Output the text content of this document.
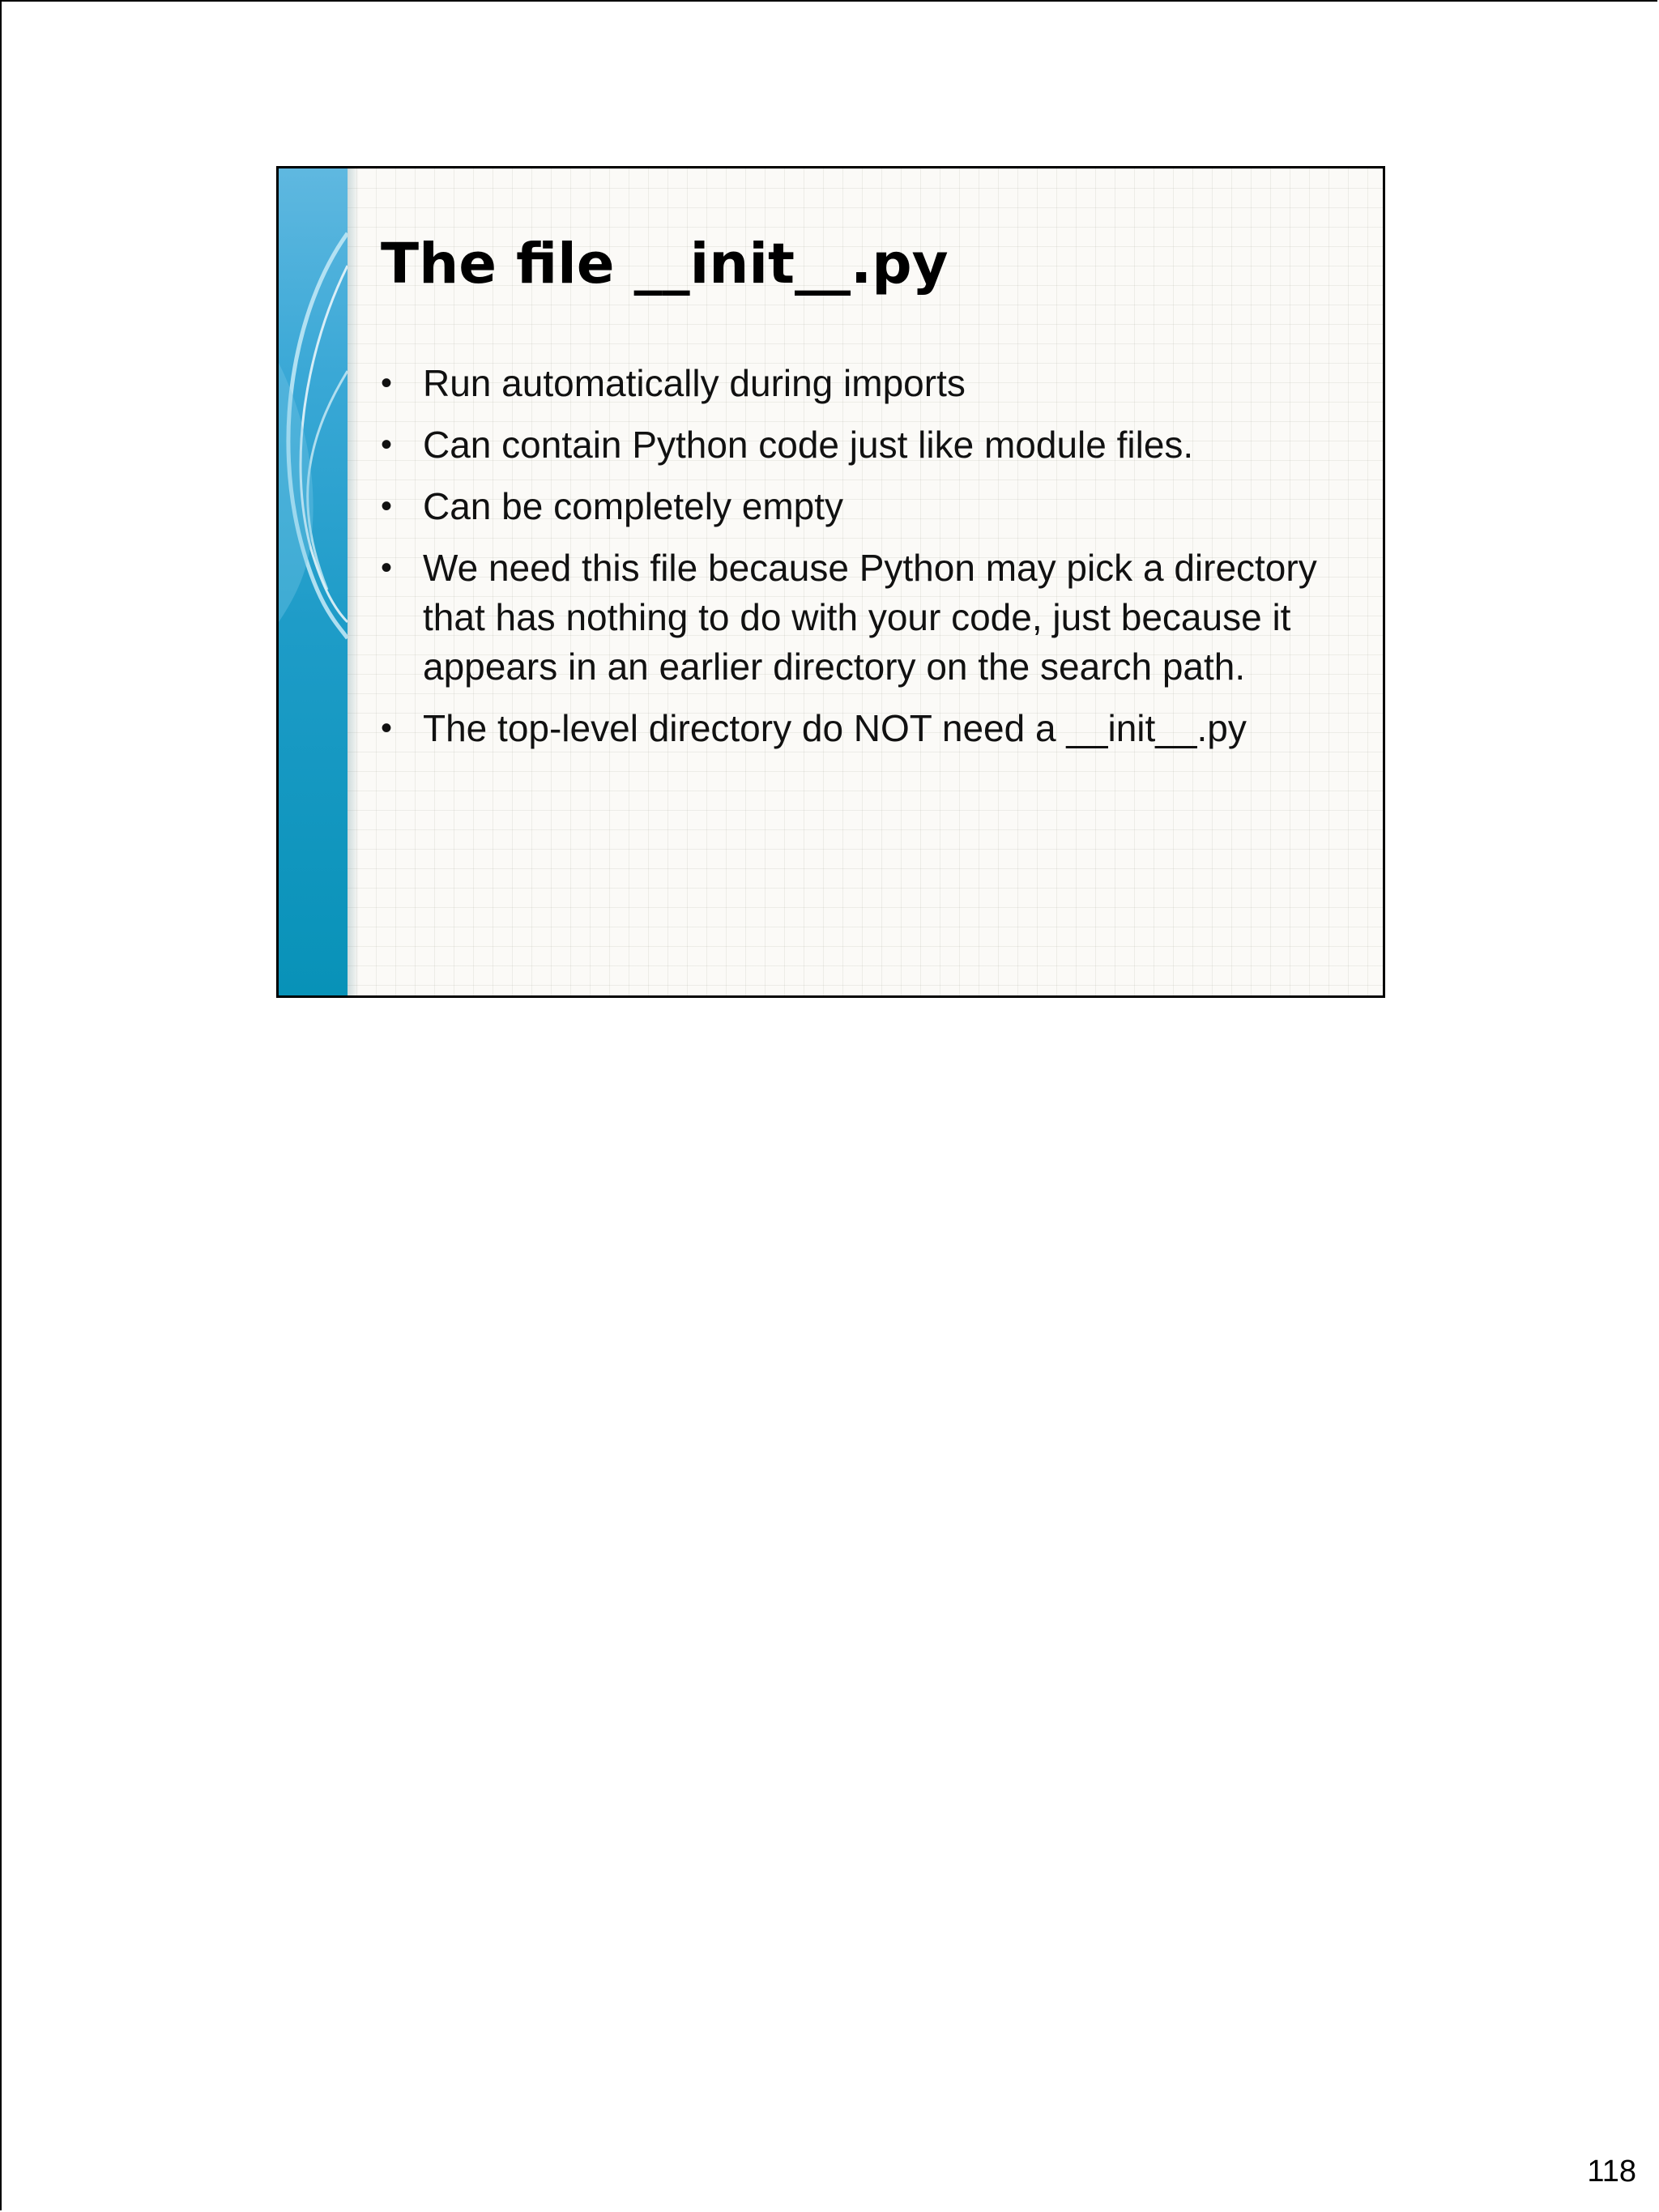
The file __init__.py
• Run automatically during imports
• Can contain Python code just like module files.
• Can be completely empty
• We need this file because Python may pick a directory that has nothing to do with your code, just because it appears in an earlier directory on the search path.
• The top-level directory do NOT need a __init__.py
118
